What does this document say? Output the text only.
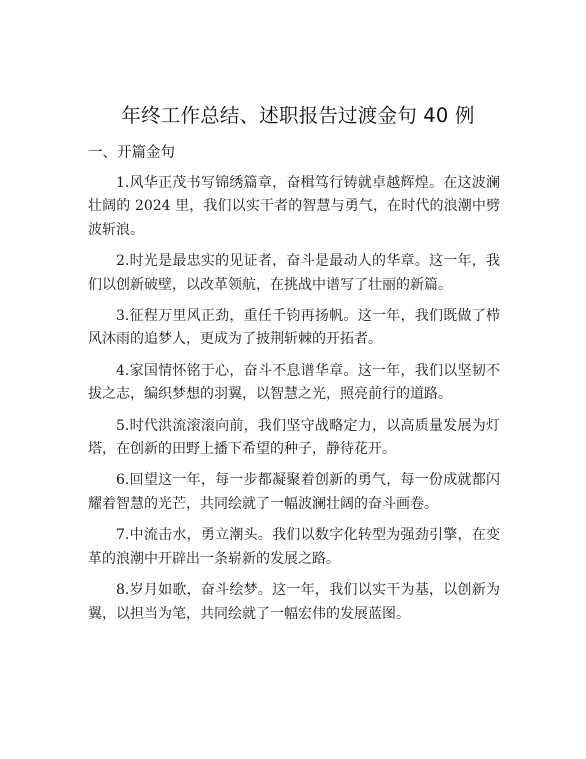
年终工作总结、述职报告过渡金句 40 例
一、开篇金句

1.风华正茂书写锦绣篇章，奋楫笃行铸就卓越辉煌。在这波澜壮阔的 2024 里，我们以实干者的智慧与勇气，在时代的浪潮中劈波斩浪。

2.时光是最忠实的见证者，奋斗是最动人的华章。这一年，我们以创新破壁，以改革领航，在挑战中谱写了壮丽的新篇。

3.征程万里风正劲，重任千钧再扬帆。这一年，我们既做了栉风沐雨的追梦人，更成为了披荆斩棘的开拓者。

4.家国情怀铭于心，奋斗不息谱华章。这一年，我们以坚韧不拔之志，编织梦想的羽翼，以智慧之光，照亮前行的道路。

5.时代洪流滚滚向前，我们坚守战略定力，以高质量发展为灯塔，在创新的田野上播下希望的种子，静待花开。

6.回望这一年，每一步都凝聚着创新的勇气，每一份成就都闪耀着智慧的光芒，共同绘就了一幅波澜壮阔的奋斗画卷。

7.中流击水，勇立潮头。我们以数字化转型为强劲引擎，在变革的浪潮中开辟出一条崭新的发展之路。

8.岁月如歌，奋斗绘梦。这一年，我们以实干为基，以创新为翼，以担当为笔，共同绘就了一幅宏伟的发展蓝图。
